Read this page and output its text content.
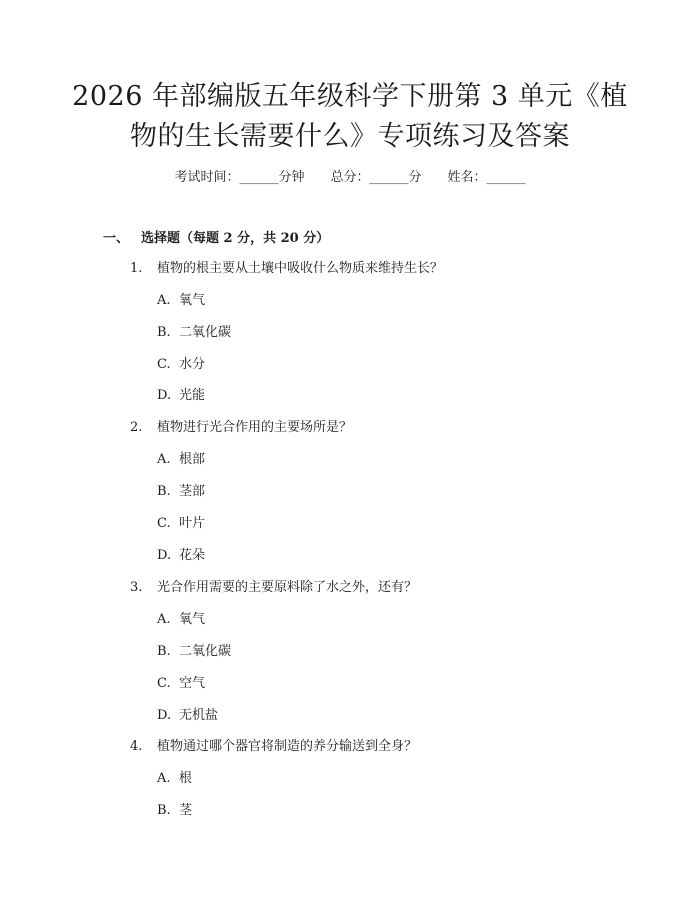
2026 年部编版五年级科学下册第 3 单元《植
物的生长需要什么》专项练习及答案
考试时间：______分钟 总分：______分 姓名：______
一、 选择题（每题 2 分，共 20 分）
1. 植物的根主要从土壤中吸收什么物质来维持生长？
A. 氧气
B. 二氧化碳
C. 水分
D. 光能
2. 植物进行光合作用的主要场所是？
A. 根部
B. 茎部
C. 叶片
D. 花朵
3. 光合作用需要的主要原料除了水之外，还有？
A. 氧气
B. 二氧化碳
C. 空气
D. 无机盐
4. 植物通过哪个器官将制造的养分输送到全身？
A. 根
B. 茎
